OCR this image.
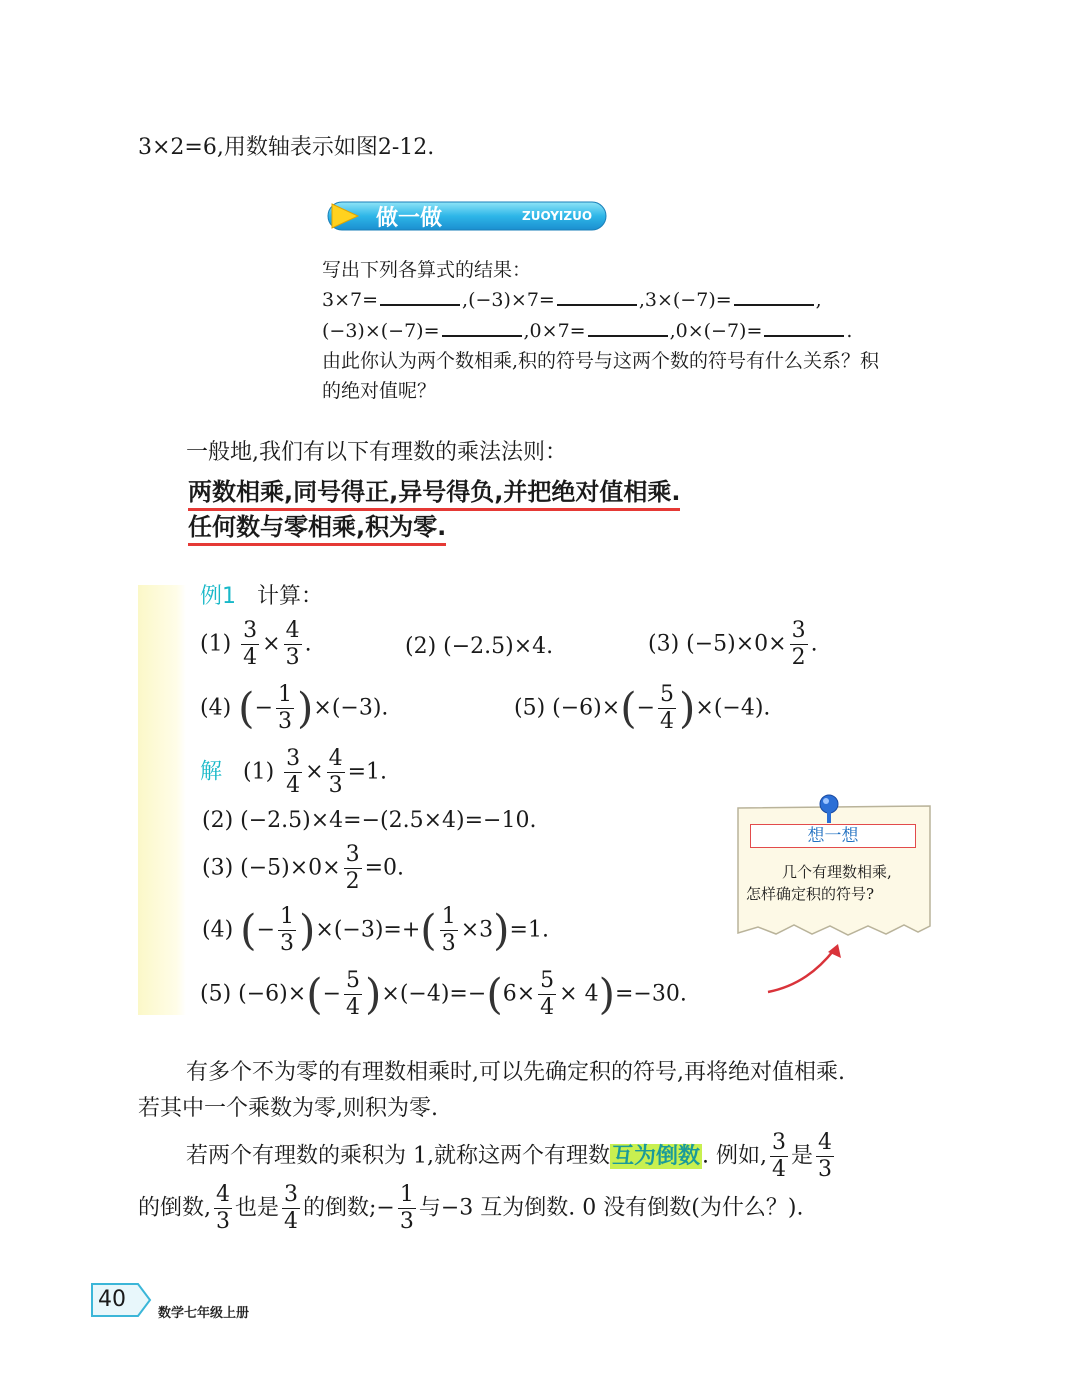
3×2=6,用数轴表示如图2-12.
做一做	ZUOYIZUO
写出下列各算式的结果：
3×7=	,(−3)×7=	,3×(−7)=	,
(−3)×(−7)=	,0×7=	,0×(−7)=	.
由此你认为两个数相乘,积的符号与这两个数的符号有什么关系？积
的绝对值呢？
一般地,我们有以下有理数的乘法法则：
两数相乘,同号得正,异号得负,并把绝对值相乘.
任何数与零相乘,积为零.
例1 计算：
$(1) \frac{3}{4} \times \frac{4}{3}$ .	(2) (−2.5)×4.	(3) $(-5)\times 0\times \frac{3}{2}$ .
(4) (− $\frac{1}{3} )\times(-3)$.	(5) $(-6)\times(- \frac{5}{4} )\times(-4)$.
解 $(1) \frac{3}{4} \times \frac{4}{3} =1$.
(2) (−2.5)×4=−(2.5×4)=−10.
(3) $(-5)\times 0\times \frac{3}{2} =0$.
(4) (− $\frac{1}{3} )\times(-3)=+( \frac{1}{3} \times 3)=1$.
(5) $(-6)\times(- \frac{5}{4} )\times(-4)=-(6\times \frac{5}{4} \times 4)=-30$.
想一想
几个有理数相乘,
怎样确定积的符号?
有多个不为零的有理数相乘时,可以先确定积的符号,再将绝对值相乘.
若其中一个乘数为零,则积为零.
若两个有理数的乘积为 1,就称这两个有理数互为倒数. 例如, $\frac{3}{4}$ 是 $\frac{4}{3}$
的倒数, $\frac{4}{3}$ 也是 $\frac{3}{4}$ 的倒数;− $\frac{1}{3}$ 与−3 互为倒数. 0 没有倒数(为什么？).
40
数学七年级上册
